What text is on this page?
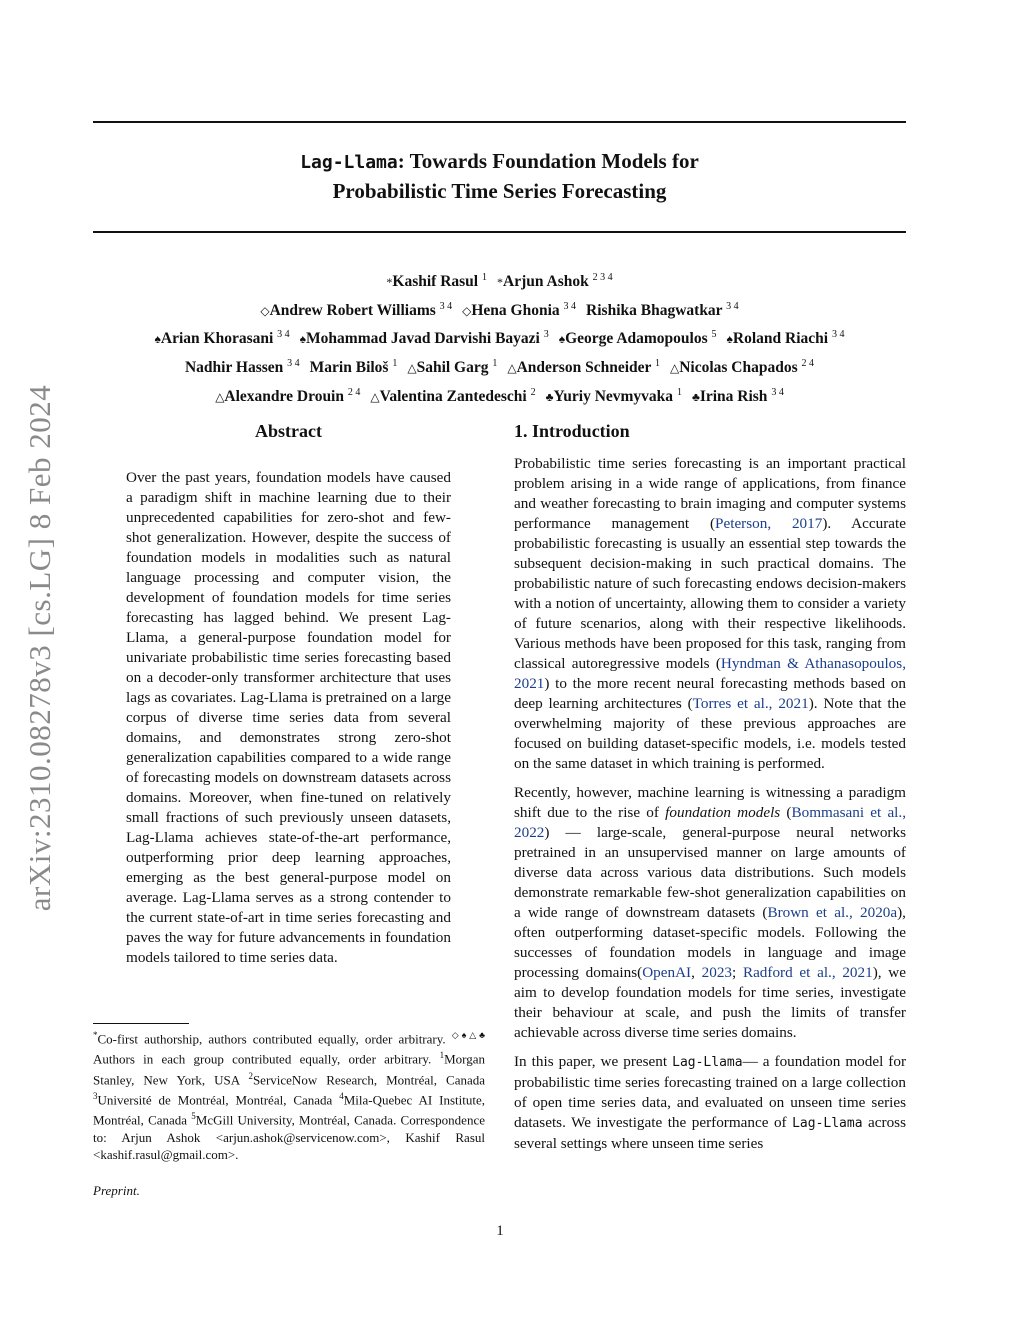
Lag-Llama: Towards Foundation Models for
Probabilistic Time Series Forecasting
*Kashif Rasul $^1$ *Arjun Ashok $^{2 3 4}$
◇Andrew Robert Williams $^{3 4}$ ◇Hena Ghonia $^{3 4}$ Rishika Bhagwatkar $^{3 4}$
♠Arian Khorasani $^{3 4}$ ♠Mohammad Javad Darvishi Bayazi $^3$ ♠George Adamopoulos $^5$ ♠Roland Riachi $^{3 4}$
Nadhir Hassen $^{3 4}$ Marin Biloš $^1$ △Sahil Garg $^1$ △Anderson Schneider $^1$ △Nicolas Chapados $^{2 4}$
△Alexandre Drouin $^{2 4}$ △Valentina Zantedeschi $^2$ ♣Yuriy Nevmyvaka $^1$ ♣Irina Rish $^{3 4}$
arXiv:2310.08278v3 [cs.LG] 8 Feb 2024	Abstract
Over the past years, foundation models have caused a paradigm shift in machine learning due to their unprecedented capabilities for zero-shot and few-shot generalization. However, despite the success of foundation models in modalities such as natural language processing and computer vision, the development of foundation models for time series forecasting has lagged behind. We present Lag-Llama, a general-purpose foundation model for univariate probabilistic time series forecasting based on a decoder-only transformer architecture that uses lags as covariates. Lag-Llama is pretrained on a large corpus of diverse time series data from several domains, and demonstrates strong zero-shot generalization capabilities compared to a wide range of forecasting models on downstream datasets across domains. Moreover, when fine-tuned on relatively small fractions of such previously unseen datasets, Lag-Llama achieves state-of-the-art performance, outperforming prior deep learning approaches, emerging as the best general-purpose model on average. Lag-Llama serves as a strong contender to the current state-of-art in time series forecasting and paves the way for future advancements in foundation models tailored to time series data.
1. Introduction

Probabilistic time series forecasting is an important practical problem arising in a wide range of applications, from finance and weather forecasting to brain imaging and computer systems performance management (Peterson, 2017). Accurate probabilistic forecasting is usually an essential step towards the subsequent decision-making in such practical domains. The probabilistic nature of such forecasting endows decision-makers with a notion of uncertainty, allowing them to consider a variety of future scenarios, along with their respective likelihoods. Various methods have been proposed for this task, ranging from classical autoregressive models (Hyndman & Athanasopoulos, 2021) to the more recent neural forecasting methods based on deep learning architectures (Torres et al., 2021). Note that the overwhelming majority of these previous approaches are focused on building dataset-specific models, i.e. models tested on the same dataset in which training is performed.

Recently, however, machine learning is witnessing a paradigm shift due to the rise of foundation models (Bommasani et al., 2022) — large-scale, general-purpose neural networks pretrained in an unsupervised manner on large amounts of diverse data across various data distributions. Such models demonstrate remarkable few-shot generalization capabilities on a wide range of downstream datasets (Brown et al., 2020a), often outperforming dataset-specific models. Following the successes of foundation models in language and image processing domains(OpenAI, 2023; Radford et al., 2021), we aim to develop foundation models for time series, investigate their behaviour at scale, and push the limits of transfer achievable across diverse time series domains.

In this paper, we present Lag-Llama— a foundation model for probabilistic time series forecasting trained on a large collection of open time series data, and evaluated on unseen time series datasets. We investigate the performance of Lag-Llama across several settings where unseen time series

*Co-first authorship, authors contributed equally, order arbitrary. ◇♠△♣ Authors in each group contributed equally, order arbitrary. $^1$Morgan Stanley, New York, USA $^2$ServiceNow Research, Montréal, Canada $^3$Université de Montréal, Montréal, Canada $^4$Mila-Quebec AI Institute, Montréal, Canada $^5$McGill University, Montréal, Canada. Correspondence to: Arjun Ashok <arjun.ashok@servicenow.com>, Kashif Rasul <kashif.rasul@gmail.com>.
Preprint.
1
